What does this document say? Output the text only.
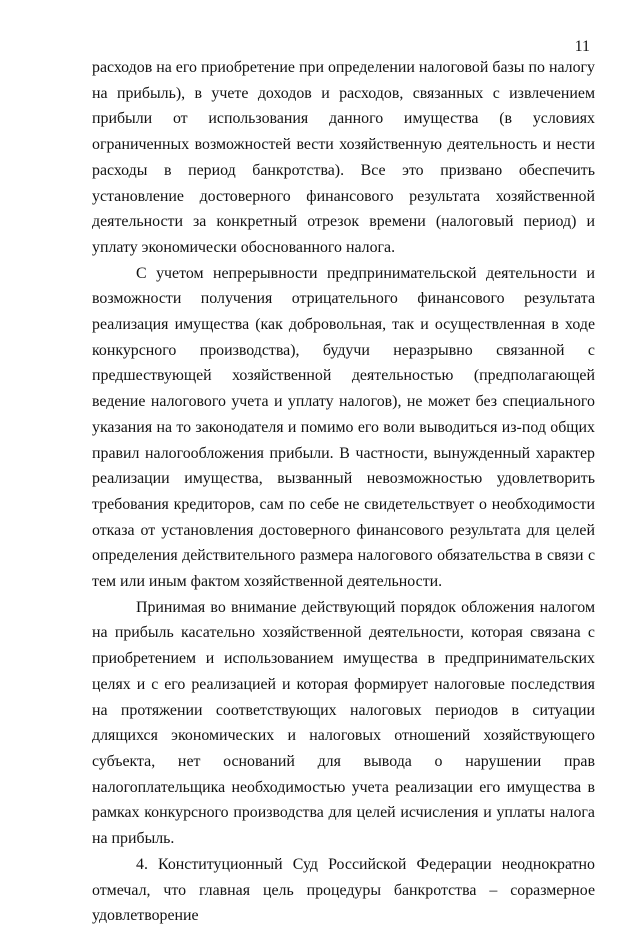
11

расходов на его приобретение при определении налоговой базы по налогу на прибыль), в учете доходов и расходов, связанных с извлечением прибыли от использования данного имущества (в условиях ограниченных возможностей вести хозяйственную деятельность и нести расходы в период банкротства). Все это призвано обеспечить установление достоверного финансового результата хозяйственной деятельности за конкретный отрезок времени (налоговый период) и уплату экономически обоснованного налога.

С учетом непрерывности предпринимательской деятельности и возможности получения отрицательного финансового результата реализация имущества (как добровольная, так и осуществленная в ходе конкурсного производства), будучи неразрывно связанной с предшествующей хозяйственной деятельностью (предполагающей ведение налогового учета и уплату налогов), не может без специального указания на то законодателя и помимо его воли выводиться из-под общих правил налогообложения прибыли. В частности, вынужденный характер реализации имущества, вызванный невозможностью удовлетворить требования кредиторов, сам по себе не свидетельствует о необходимости отказа от установления достоверного финансового результата для целей определения действительного размера налогового обязательства в связи с тем или иным фактом хозяйственной деятельности.

Принимая во внимание действующий порядок обложения налогом на прибыль касательно хозяйственной деятельности, которая связана с приобретением и использованием имущества в предпринимательских целях и с его реализацией и которая формирует налоговые последствия на протяжении соответствующих налоговых периодов в ситуации длящихся экономических и налоговых отношений хозяйствующего субъекта, нет оснований для вывода о нарушении прав налогоплательщика необходимостью учета реализации его имущества в рамках конкурсного производства для целей исчисления и уплаты налога на прибыль.

4. Конституционный Суд Российской Федерации неоднократно отмечал, что главная цель процедуры банкротства – соразмерное удовлетворение
